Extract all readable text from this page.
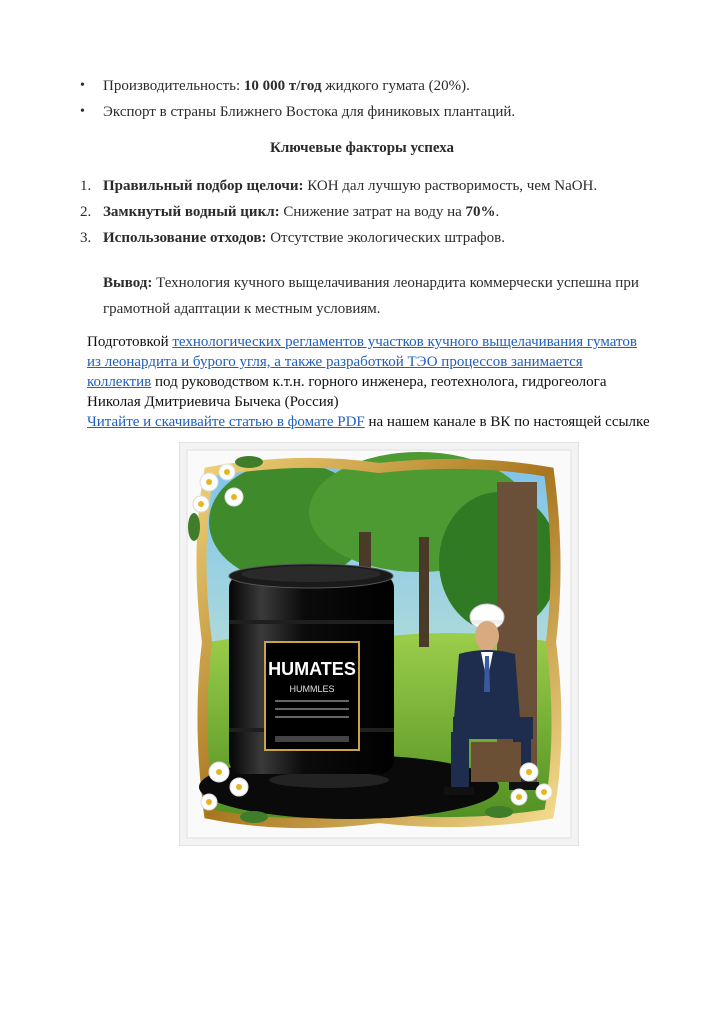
• Производительность: 10 000 т/год жидкого гумата (20%).
• Экспорт в страны Ближнего Востока для финиковых плантаций.
Ключевые факторы успеха
1. Правильный подбор щелочи: КОН дал лучшую растворимость, чем NaOH.
2. Замкнутый водный цикл: Снижение затрат на воду на 70%.
3. Использование отходов: Отсутствие экологических штрафов.
Вывод: Технология кучного выщелачивания леонардита коммерчески успешна при
грамотной адаптации к местным условиям.
Подготовкой технологических регламентов участков кучного выщелачивания гуматов из леонардита и бурого угля, а также разработкой ТЭО процессов занимается коллектив под руководством к.т.н. горного инженера, геотехнолога, гидрогеолога Николая Дмитриевича Бычека (Россия)
Читайте и скачивайте статью в фомате PDF на нашем канале в ВК по настоящей ссылке
HUMATES
HUMMLES
